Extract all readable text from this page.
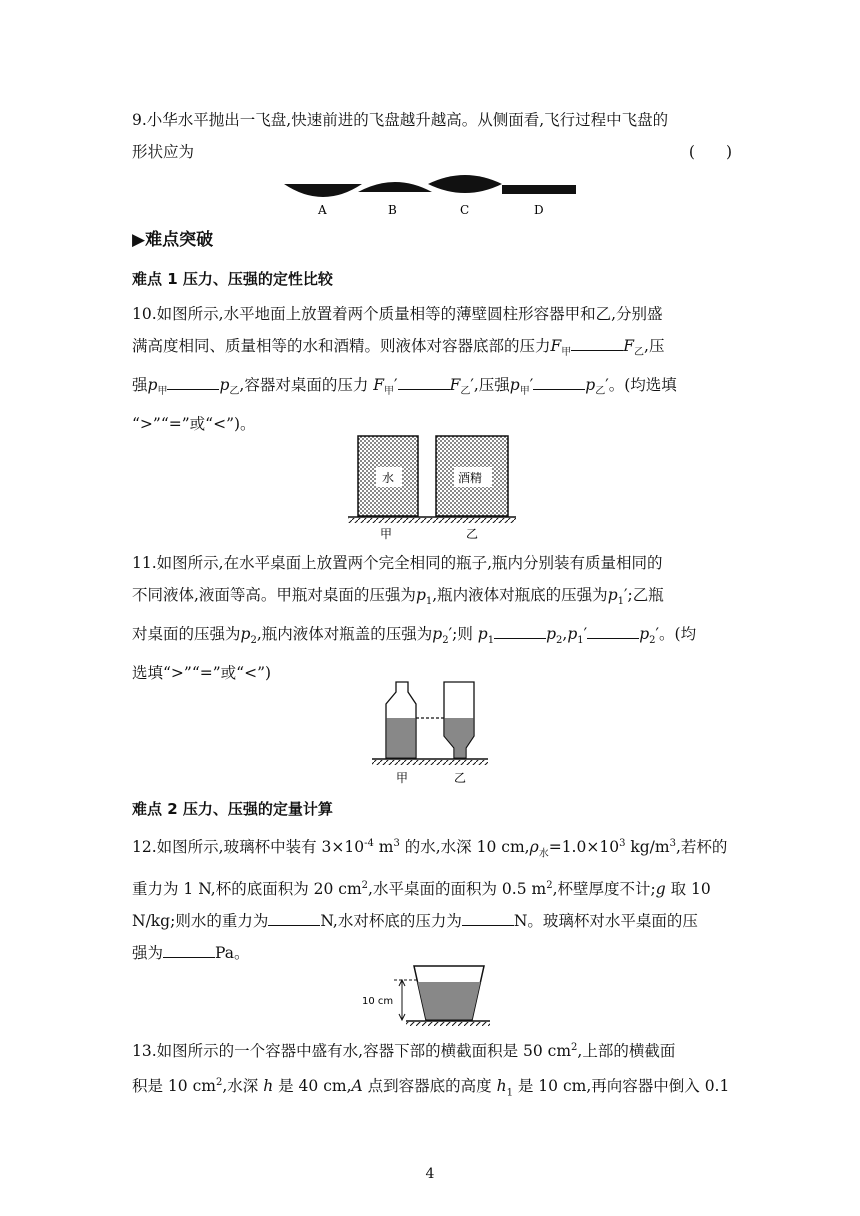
9.小华水平抛出一飞盘,快速前进的飞盘越升越高。从侧面看,飞行过程中飞盘的
形状应为	(　　)
A	B	C	D
▶难点突破
难点 1 压力、压强的定性比较
10.如图所示,水平地面上放置着两个质量相等的薄壁圆柱形容器甲和乙,分别盛
满高度相同、质量相等的水和酒精。则液体对容器底部的压力$F_甲$	$F_乙$,压
强$p_甲$	$p_乙$,容器对桌面的压力 $F_甲'$	$F_乙'$,压强$p_甲'$	$p_乙'$。(均选填
“>”“=”或“<”)。
水	酒精
甲	乙
11.如图所示,在水平桌面上放置两个完全相同的瓶子,瓶内分别装有质量相同的
不同液体,液面等高。甲瓶对桌面的压强为$p_1$,瓶内液体对瓶底的压强为$p_1'$;乙瓶
对桌面的压强为$p_2$,瓶内液体对瓶盖的压强为$p_2'$;则 $p_1$	$p_2,p_1'$	$p_2'$。(均
选填“>”“=”或“<”)
甲	乙
难点 2 压力、压强的定量计算
12.如图所示,玻璃杯中装有 $3\times 10^{-4}$ $m^3$ 的水,水深 10 $cm,\rho_水=1.0\times 10^3$ $kg/m^3$,若杯的
重力为 1 N,杯的底面积为 20 $cm^2$,水平桌面的面积为 0.5 $m^2$,杯壁厚度不计;g 取 10
N/kg;则水的重力为	N,水对杯底的压力为	N。玻璃杯对水平桌面的压
强为	Pa。
10 cm
13.如图所示的一个容器中盛有水,容器下部的横截面积是 50 $cm^2$,上部的横截面
积是 10 $cm^2$,水深 h 是 40 cm,A 点到容器底的高度 $h_1$ 是 10 cm,再向容器中倒入 0.1
4
